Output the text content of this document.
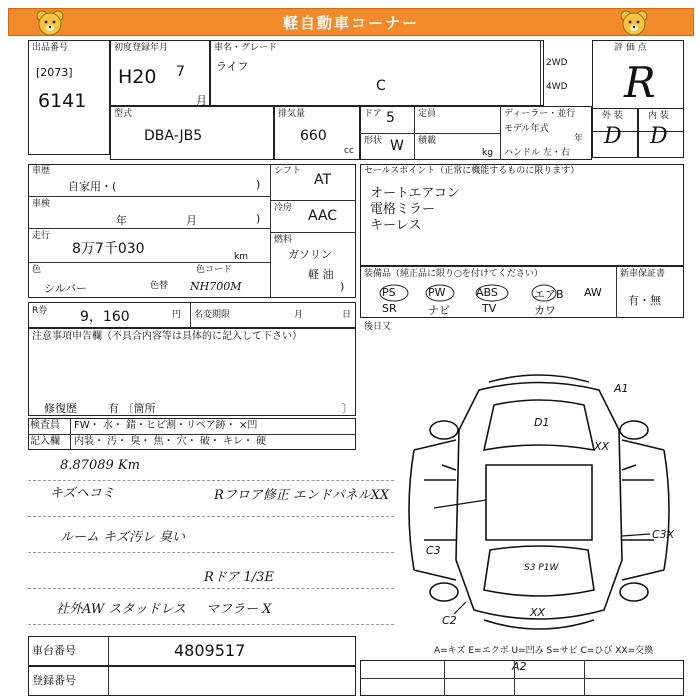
軽自動車コーナー
出品番号
[2073]
6141
初度登録年月
H20 7
月
車名・グレード
ライフ
C
2WD
4WD
評 価 点
R
外 装	内 装
D D
型式
DBA-JB5
排気量
660
cc
ドア 5
形状 W
定員
積載
kg
ディーラー・並行
モデル年式
年
ハンドル 左・右
車歴
自家用・(	)
車検
年	月	)
走行
8万7千030	km
色
シルバー	色替
色コード
NH700M
シフト
AT
冷房 AAC
燃料
ガソリン
軽 油
)
セールスポイント（正常に機能するものに限ります）
オートエアコン
電格ミラー
キーレス
装備品（純正品に限り○を付けてください）
PS	PW	ABS	エアB AW
SR	ナビ	TV	カワ
新車保証書
有・無
R券 9，160	円 名変期限	月	日
後日又
注意事項申告欄（不具合内容等は具体的に記入して下さい）
修復歴	有 〔箇所	〕
検査員
記入欄
FW・ 水・ 錆・ヒビ割・リペア跡・ ×凹
内装・ 汚・ 臭・ 焦・ 穴・ 破・ キレ・ 硬
8.87089 Km
キズヘコミ
ルーム キズ汚レ 臭い
社外AW スタッドレス
Rフロア修正 エンドパネルXX
Rドア 1/3E
マフラー X
A1
D1
XX
C3
C3X
S3 P1W
XX
C2
A2
A=キズ E=エクボ U=凹み S=サビ C=ひび XX=交換
車台番号	4809517
登録番号
